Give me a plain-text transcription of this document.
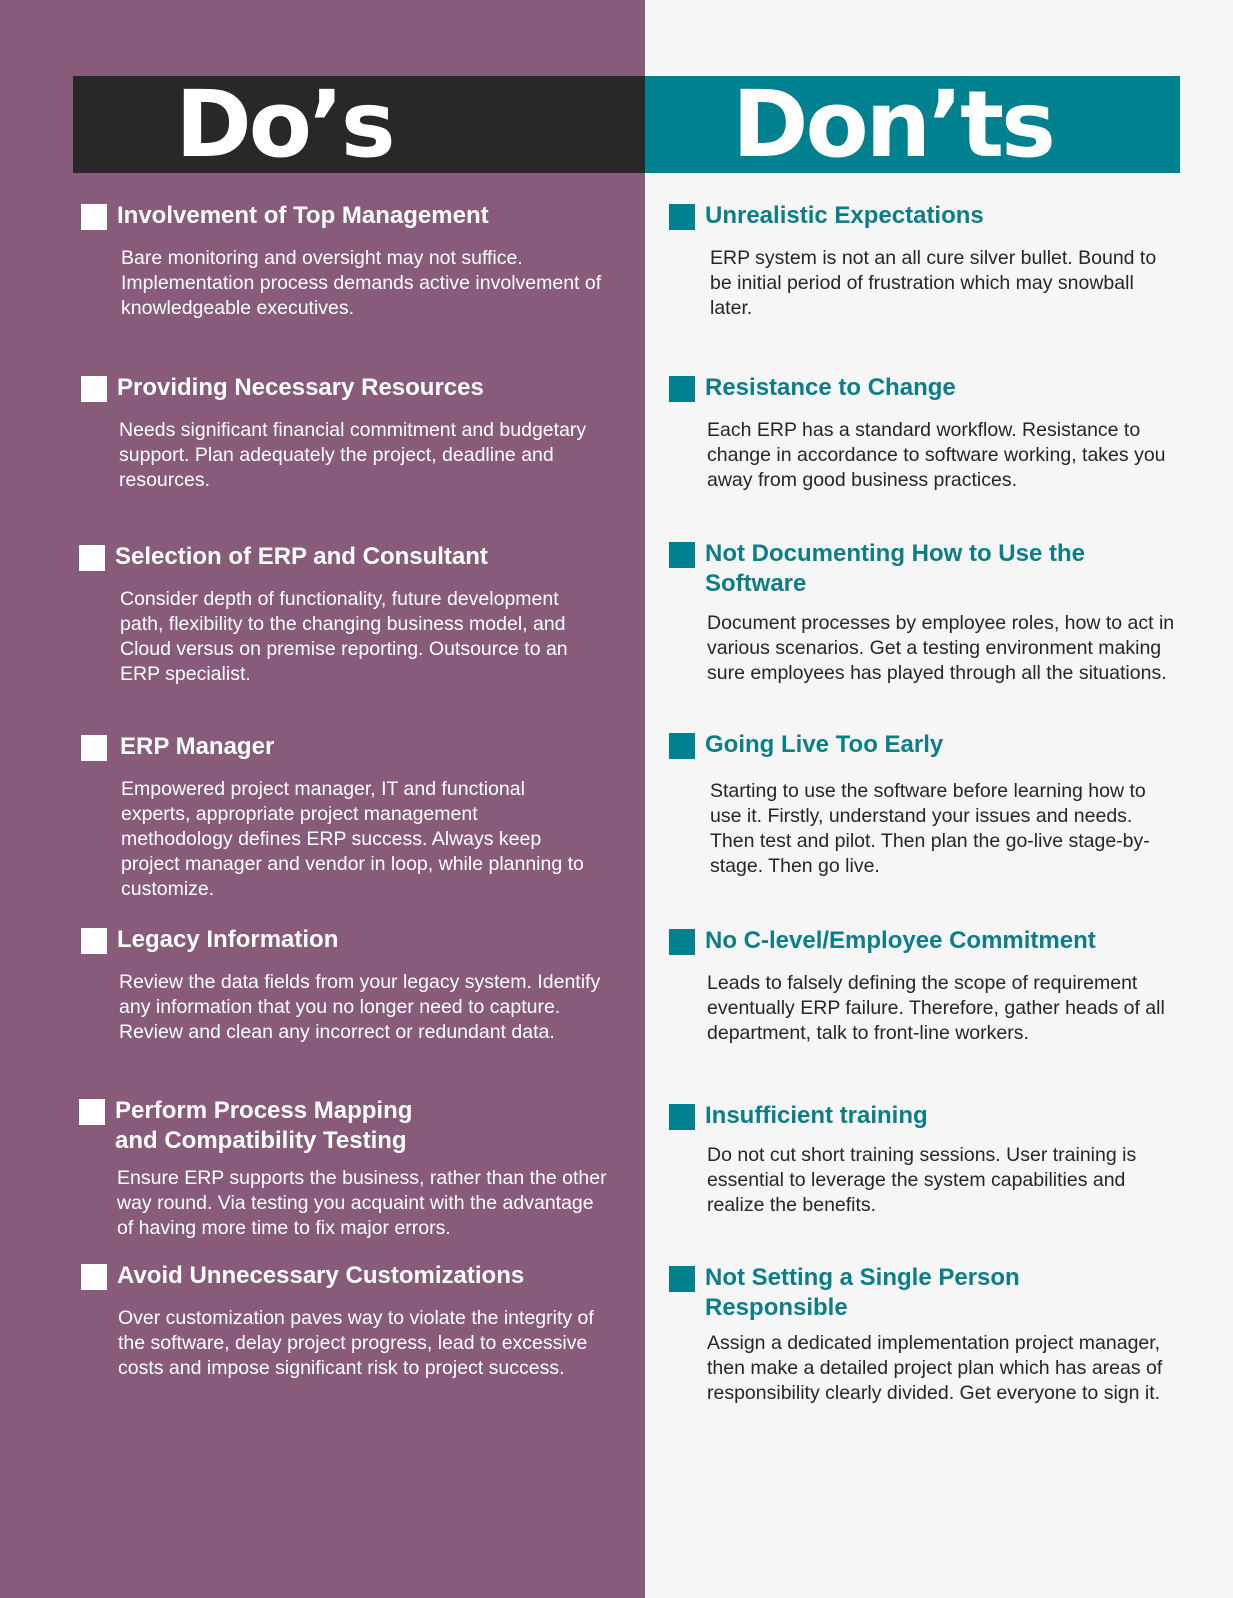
Do’s	Don’ts
Involvement of Top Management
Bare monitoring and oversight may not suffice. Implementation process demands active involvement of knowledgeable executives.
Providing Necessary Resources
Needs significant financial commitment and budgetary support. Plan adequately the project, deadline and resources.
Selection of ERP and Consultant
Consider depth of functionality, future development path, flexibility to the changing business model, and Cloud versus on premise reporting. Outsource to an ERP specialist.
ERP Manager
Empowered project manager, IT and functional experts, appropriate project management methodology defines ERP success. Always keep project manager and vendor in loop, while planning to customize.
Legacy Information
Review the data fields from your legacy system. Identify any information that you no longer need to capture. Review and clean any incorrect or redundant data.
Perform Process Mapping and Compatibility Testing
Ensure ERP supports the business, rather than the other way round. Via testing you acquaint with the advantage of having more time to fix major errors.
Avoid Unnecessary Customizations
Over customization paves way to violate the integrity of the software, delay project progress, lead to excessive costs and impose significant risk to project success.
Unrealistic Expectations
ERP system is not an all cure silver bullet. Bound to be initial period of frustration which may snowball later.
Resistance to Change
Each ERP has a standard workflow. Resistance to change in accordance to software working, takes you away from good business practices.
Not Documenting How to Use the Software
Document processes by employee roles, how to act in various scenarios. Get a testing environment making sure employees has played through all the situations.
Going Live Too Early
Starting to use the software before learning how to use it. Firstly, understand your issues and needs. Then test and pilot. Then plan the go-live stage-by-stage. Then go live.
No C-level/Employee Commitment
Leads to falsely defining the scope of requirement eventually ERP failure. Therefore, gather heads of all department, talk to front-line workers.
Insufficient training
Do not cut short training sessions. User training is essential to leverage the system capabilities and realize the benefits.
Not Setting a Single Person Responsible
Assign a dedicated implementation project manager, then make a detailed project plan which has areas of responsibility clearly divided. Get everyone to sign it.
